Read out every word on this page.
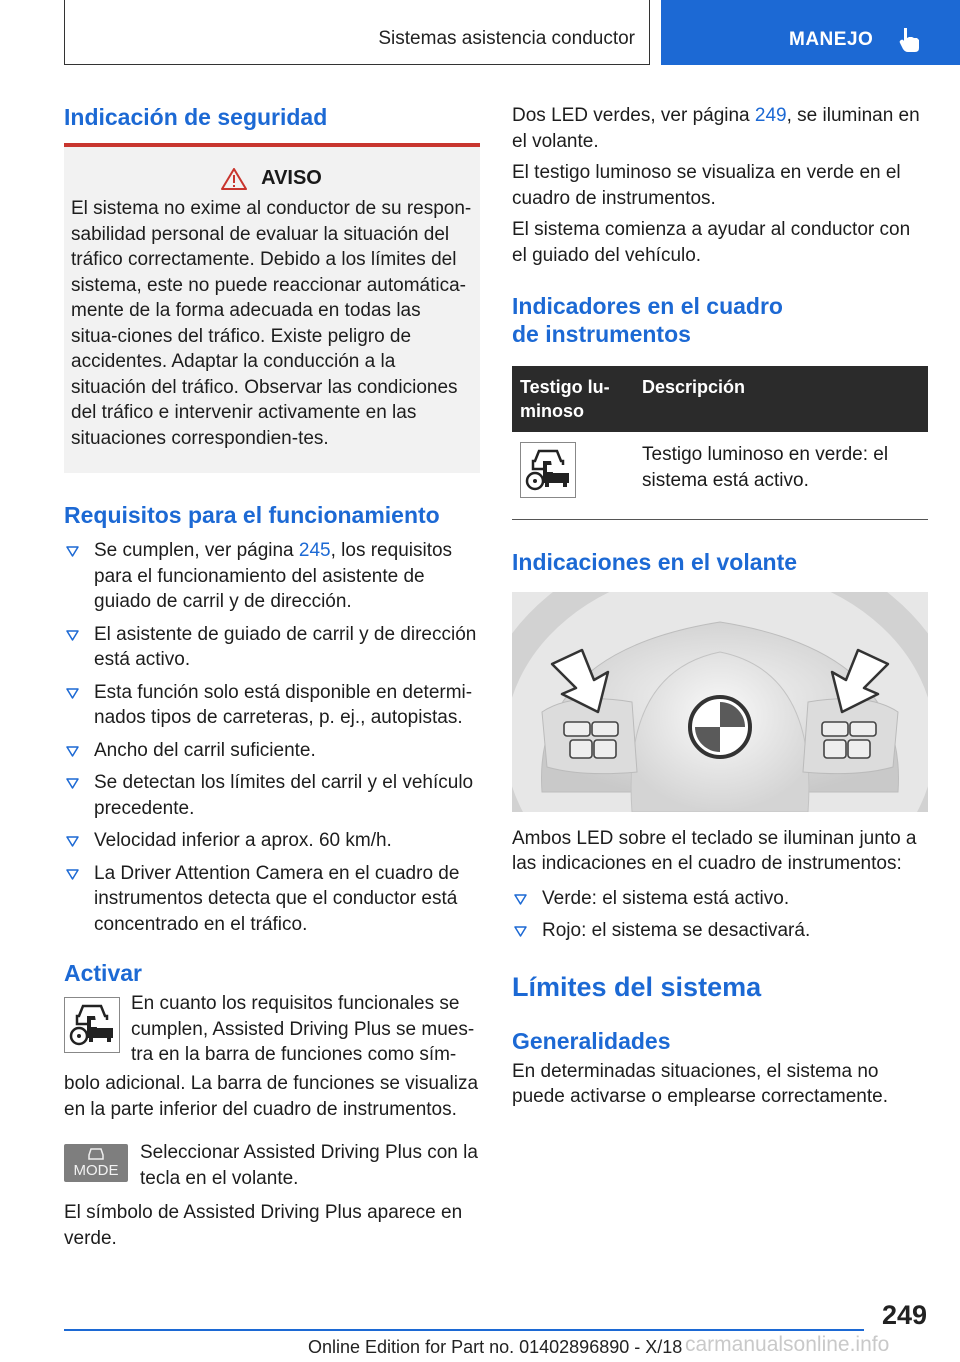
Sistemas asistencia conductor	MANEJO
Indicación de seguridad
AVISO
El sistema no exime al conductor de su respon-sabilidad personal de evaluar la situación del tráfico correctamente. Debido a los límites del sistema, este no puede reaccionar automática-mente de la forma adecuada en todas las situa-ciones del tráfico. Existe peligro de accidentes. Adaptar la conducción a la situación del tráfico. Observar las condiciones del tráfico e intervenir activamente en las situaciones correspondien-tes.
Requisitos para el funcionamiento
Se cumplen, ver página 245, los requisitos para el funcionamiento del asistente de guiado de carril y de dirección.
El asistente de guiado de carril y de dirección está activo.
Esta función solo está disponible en determi-nados tipos de carreteras, p. ej., autopistas.
Ancho del carril suficiente.
Se detectan los límites del carril y el vehículo precedente.
Velocidad inferior a aprox. 60 km/h.
La Driver Attention Camera en el cuadro de instrumentos detecta que el conductor está concentrado en el tráfico.
Activar
En cuanto los requisitos funcionales se cumplen, Assisted Driving Plus se mues-tra en la barra de funciones como sím-
bolo adicional. La barra de funciones se visualiza en la parte inferior del cuadro de instrumentos.
MODE
Seleccionar Assisted Driving Plus con la tecla en el volante.
El símbolo de Assisted Driving Plus aparece en verde.
Dos LED verdes, ver página 249, se iluminan en el volante.
El testigo luminoso se visualiza en verde en el cuadro de instrumentos.
El sistema comienza a ayudar al conductor con el guiado del vehículo.
Indicadores en el cuadro
de instrumentos
Testigo lu-minoso	Descripción
	Testigo luminoso en verde: el sistema está activo.
Indicaciones en el volante
Ambos LED sobre el teclado se iluminan junto a las indicaciones en el cuadro de instrumentos:
Verde: el sistema está activo.
Rojo: el sistema se desactivará.
Límites del sistema
Generalidades
En determinadas situaciones, el sistema no puede activarse o emplearse correctamente.
249
Online Edition for Part no. 01402896890 - X/18 carmanualsonline.info
